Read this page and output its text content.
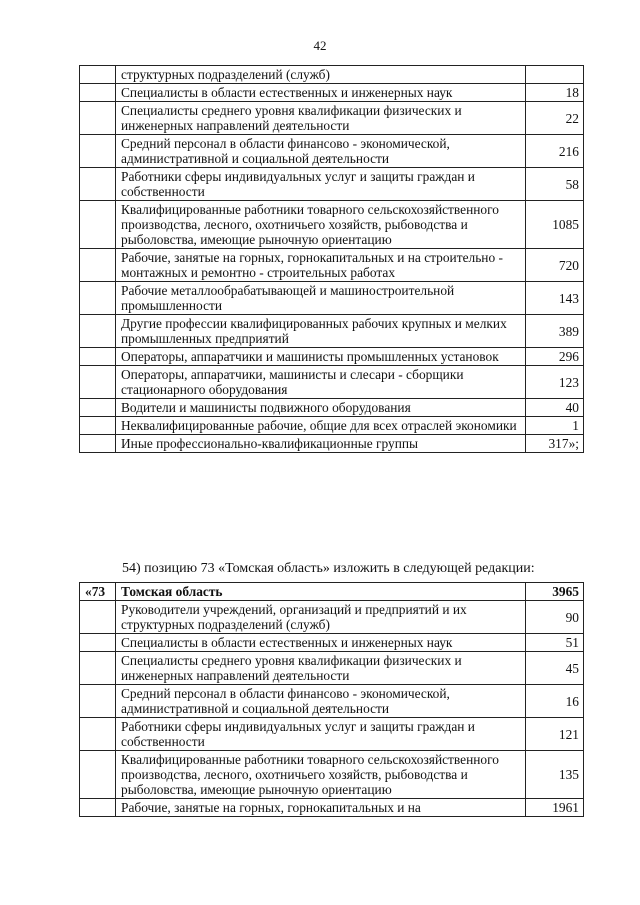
42
	структурных подразделений (служб)	
	Специалисты в области естественных и инженерных наук	18
	Специалисты среднего уровня квалификации физических и инженерных направлений деятельности	22
	Средний персонал в области финансово - экономической, административной и социальной деятельности	216
	Работники сферы индивидуальных услуг и защиты граждан и собственности	58
	Квалифицированные работники товарного сельскохозяйственного производства, лесного, охотничьего хозяйств, рыбоводства и рыболовства, имеющие рыночную ориентацию	1085
	Рабочие, занятые на горных, горнокапитальных и на строительно - монтажных и ремонтно - строительных работах	720
	Рабочие металлообрабатывающей и машиностроительной промышленности	143
	Другие профессии квалифицированных рабочих крупных и мелких промышленных предприятий	389
	Операторы, аппаратчики и машинисты промышленных установок	296
	Операторы, аппаратчики, машинисты и слесари - сборщики стационарного оборудования	123
	Водители и машинисты подвижного оборудования	40
	Неквалифицированные рабочие, общие для всех отраслей экономики	1
	Иные профессионально-квалификационные группы	317»;
54) позицию 73 «Томская область» изложить в следующей редакции:
«73	Томская область	3965
	Руководители учреждений, организаций и предприятий и их структурных подразделений (служб)	90
	Специалисты в области естественных и инженерных наук	51
	Специалисты среднего уровня квалификации физических и инженерных направлений деятельности	45
	Средний персонал в области финансово - экономической, административной и социальной деятельности	16
	Работники сферы индивидуальных услуг и защиты граждан и собственности	121
	Квалифицированные работники товарного сельскохозяйственного производства, лесного, охотничьего хозяйств, рыбоводства и рыболовства, имеющие рыночную ориентацию	135
	Рабочие, занятые на горных, горнокапитальных и на	1961
